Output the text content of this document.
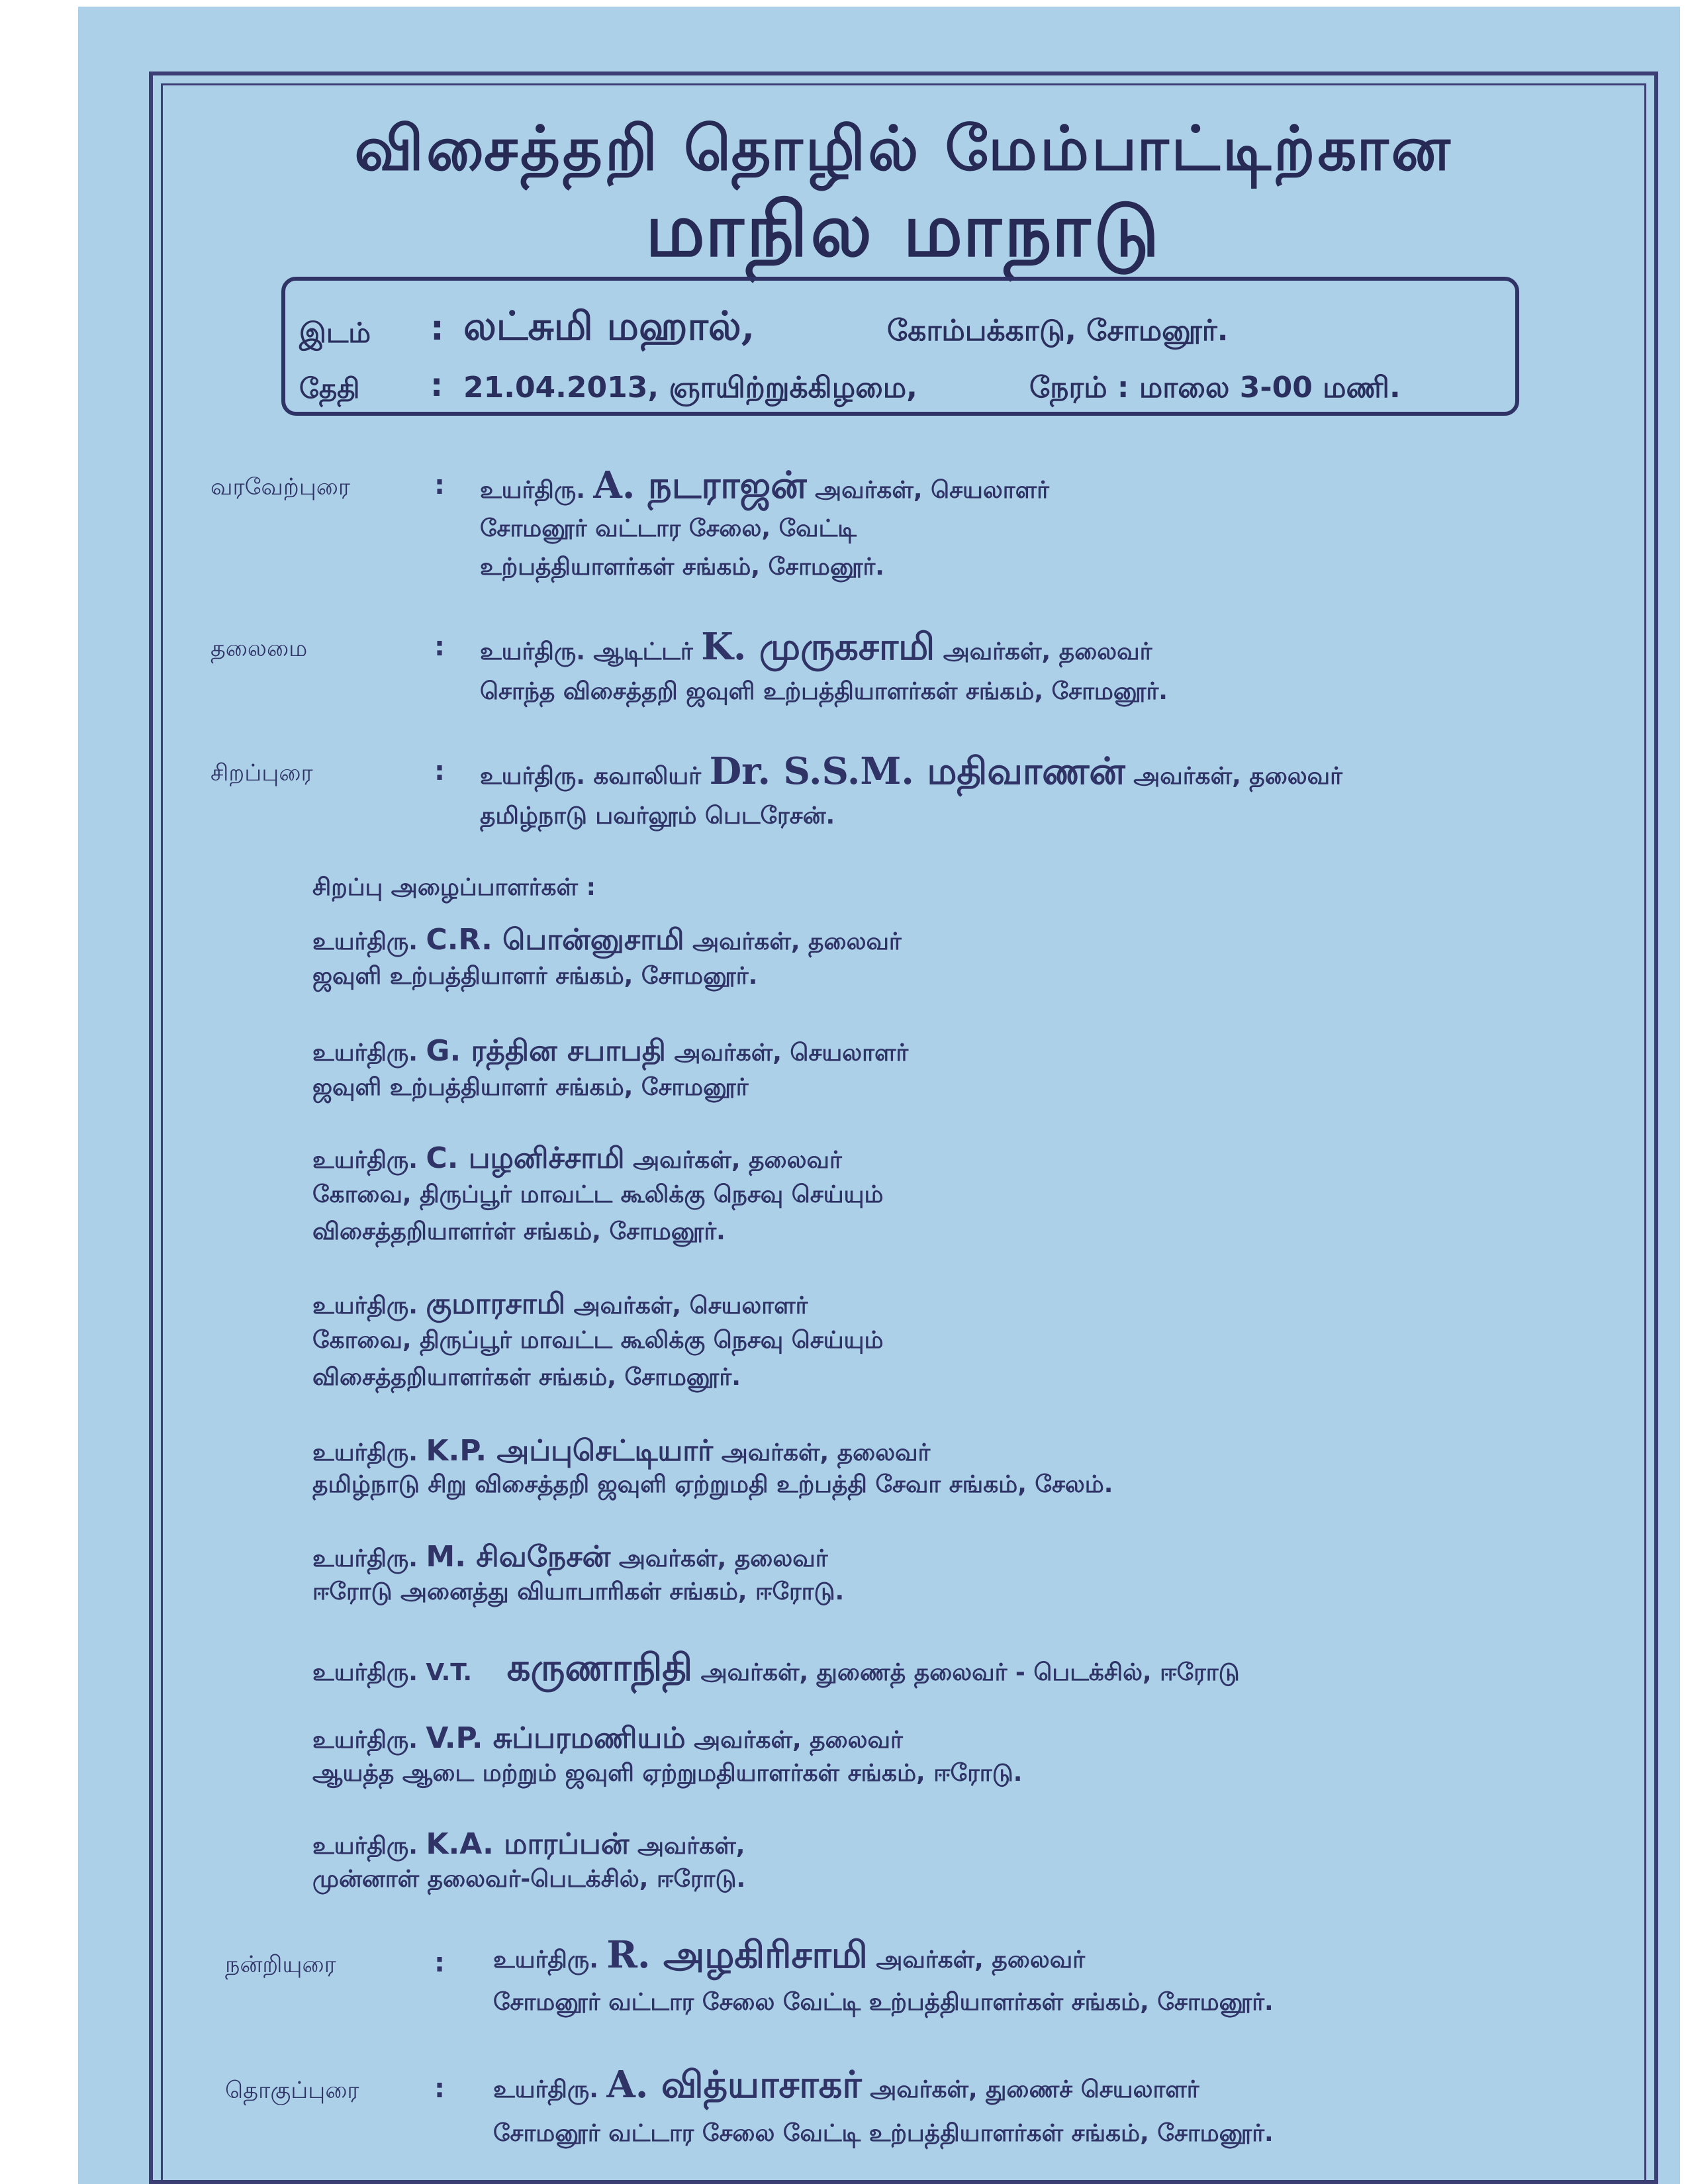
விசைத்தறி தொழில் மேம்பாட்டிற்கான
மாநில மாநாடு
இடம் : லட்சுமி மஹால்,	கோம்பக்காடு, சோமனூர்.
தேதி : 21.04.2013, ஞாயிற்றுக்கிழமை,	நேரம் : மாலை 3-00 மணி.
வரவேற்புரை	: உயர்திரு. A. நடராஜன் அவர்கள், செயலாளர்
சோமனூர் வட்டார சேலை, வேட்டி
உற்பத்தியாளர்கள் சங்கம், சோமனூர்.
தலைமை	: உயர்திரு. ஆடிட்டர் K. முருகசாமி அவர்கள், தலைவர்
சொந்த விசைத்தறி ஜவுளி உற்பத்தியாளர்கள் சங்கம், சோமனூர்.
சிறப்புரை	: உயர்திரு. கவாலியர் Dr. S.S.M. மதிவாணன் அவர்கள், தலைவர்
தமிழ்நாடு பவர்லூம் பெடரேசன்.
சிறப்பு அழைப்பாளர்கள் :
உயர்திரு. C.R. பொன்னுசாமி அவர்கள், தலைவர்
ஜவுளி உற்பத்தியாளர் சங்கம், சோமனூர்.
உயர்திரு. G. ரத்தின சபாபதி அவர்கள், செயலாளர்
ஜவுளி உற்பத்தியாளர் சங்கம், சோமனூர்
உயர்திரு. C. பழனிச்சாமி அவர்கள், தலைவர்
கோவை, திருப்பூர் மாவட்ட கூலிக்கு நெசவு செய்யும்
விசைத்தறியாளர்ள் சங்கம், சோமனூர்.
உயர்திரு. குமாரசாமி அவர்கள், செயலாளர்
கோவை, திருப்பூர் மாவட்ட கூலிக்கு நெசவு செய்யும்
விசைத்தறியாளர்கள் சங்கம், சோமனூர்.
உயர்திரு. K.P. அப்புசெட்டியார் அவர்கள், தலைவர்
தமிழ்நாடு சிறு விசைத்தறி ஜவுளி ஏற்றுமதி உற்பத்தி சேவா சங்கம், சேலம்.
உயர்திரு. M. சிவநேசன் அவர்கள், தலைவர்
ஈரோடு அனைத்து வியாபாரிகள் சங்கம், ஈரோடு.
உயர்திரு. V.T. கருணாநிதி அவர்கள், துணைத் தலைவர் - பெடக்சில், ஈரோடு
உயர்திரு. V.P. சுப்பரமணியம் அவர்கள், தலைவர்
ஆயத்த ஆடை மற்றும் ஜவுளி ஏற்றுமதியாளர்கள் சங்கம், ஈரோடு.
உயர்திரு. K.A. மாரப்பன் அவர்கள்,
முன்னாள் தலைவர்-பெடக்சில், ஈரோடு.
நன்றியுரை	: உயர்திரு. R. அழகிரிசாமி அவர்கள், தலைவர்
சோமனூர் வட்டார சேலை வேட்டி உற்பத்தியாளர்கள் சங்கம், சோமனூர்.
தொகுப்புரை	: உயர்திரு. A. வித்யாசாகர் அவர்கள், துணைச் செயலாளர்
சோமனூர் வட்டார சேலை வேட்டி உற்பத்தியாளர்கள் சங்கம், சோமனூர்.
